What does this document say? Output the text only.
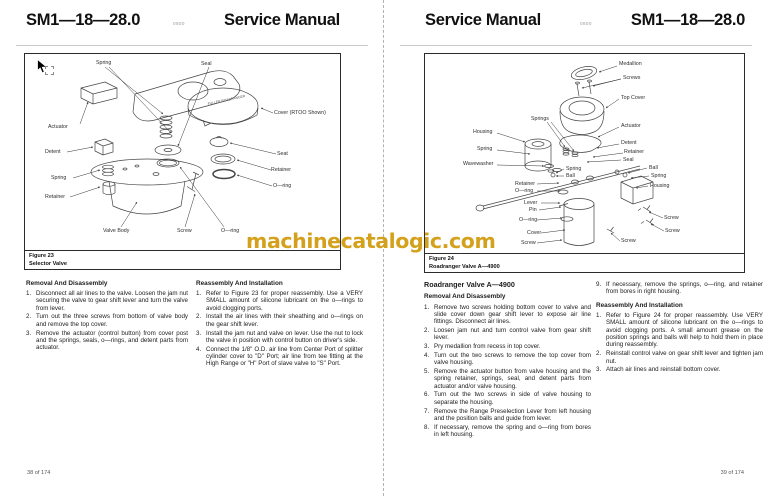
SM1—18—28.0	0800 Service Manual
FULLER ROADRANGER
Spring	Seal
Actuator
Cover (RTOO Shown)
Detent
Spring
Retainer
Seat
Retainer
O—ring
Valve Body	Screw	O—ring
Figure 23
Selector Valve
Removal And Disassembly
1. Disconnect all air lines to the valve. Loosen the jam nut securing the valve to gear shift lever and turn the valve from lever.
2. Turn out the three screws from bottom of valve body and remove the top cover.
3. Remove the actuator (control button) from cover post and the springs, seals, o—rings, and detent parts from actuator.
Reassembly And Installation
1. Refer to Figure 23 for proper reassembly. Use a VERY SMALL amount of silicone lubricant on the o—rings to avoid clogging ports.
2. Install the air lines with their sheathing and o—rings on the gear shift lever.
3. Install the jam nut and valve on lever. Use the nut to lock the valve in position with control button on driver's side.
4. Connect the 1/8" O.D. air line from Center Port of splitter cylinder cover to "D" Port; air line from tee fitting at the High Range or "H" Port of slave valve to "S" Port.
38 of 174
Service Manual	0800 SM1—18—28.0
Medallion
Screws
Top Cover
Springs
Actuator
Housing
Spring
Wavewasher
Detent
Retainer
Seal
Spring
Ball
Ball
Spring
Housing
Retainer
O—ring
Lever
Pin
O—ring
Cover
Screw
Screw
Screw
Screw
Figure 24
Roadranger Valve A—4900
Roadranger Valve A—4900
Removal And Disassembly
1. Remove two screws holding bottom cover to valve and slide cover down gear shift lever to expose air line fittings. Disconnect air lines.
2. Loosen jam nut and turn control valve from gear shift lever.
3. Pry medallion from recess in top cover.
4. Turn out the two screws to remove the top cover from valve housing.
5. Remove the actuator button from valve housing and the spring retainer, springs, seal, and detent parts from actuator and/or valve housing.
6. Turn out the two screws in side of valve housing to separate the housing.
7. Remove the Range Preselection Lever from left housing and the position balls and guide from lever.
8. If necessary, remove the spring and o—ring from bores in left housing.
9. If necessary, remove the springs, o—ring, and retainer from bores in right housing.
Reassembly And Installation
1. Refer to Figure 24 for proper reassembly. Use VERY SMALL amount of silicone lubricant on the o—rings to avoid clogging ports. A small amount grease on the position springs and balls will help to hold them in place during reassembly.
2. Reinstall control valve on gear shift lever and tighten jam nut.
3. Attach air lines and reinstall bottom cover.
39 of 174
machinecatalogic.com
